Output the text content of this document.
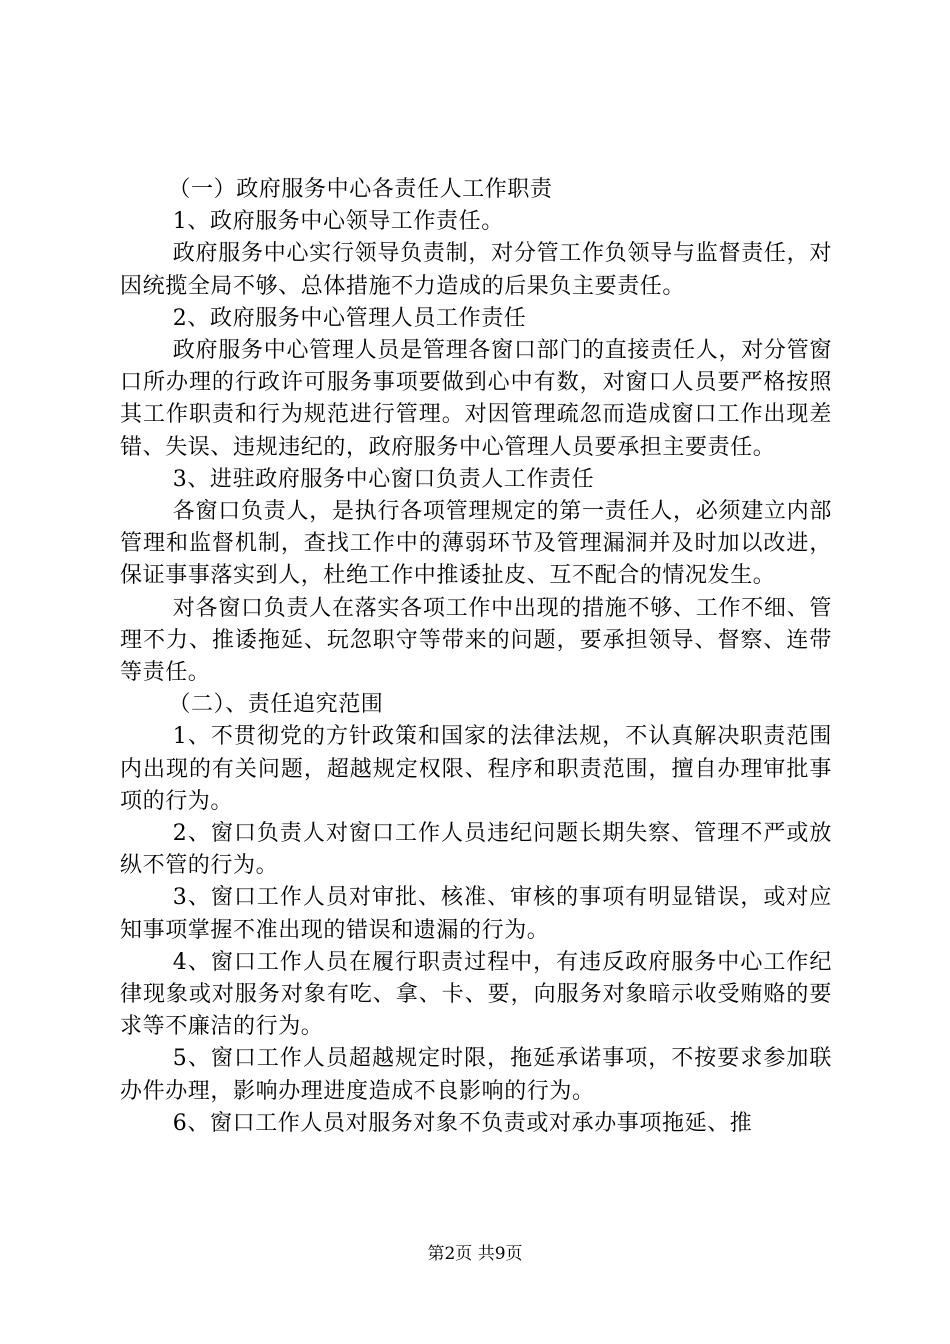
（一）政府服务中心各责任人工作职责

1、政府服务中心领导工作责任。

政府服务中心实行领导负责制，对分管工作负领导与监督责任，对因统揽全局不够、总体措施不力造成的后果负主要责任。

2、政府服务中心管理人员工作责任

政府服务中心管理人员是管理各窗口部门的直接责任人，对分管窗口所办理的行政许可服务事项要做到心中有数，对窗口人员要严格按照其工作职责和行为规范进行管理。对因管理疏忽而造成窗口工作出现差错、失误、违规违纪的，政府服务中心管理人员要承担主要责任。

3、进驻政府服务中心窗口负责人工作责任

各窗口负责人，是执行各项管理规定的第一责任人，必须建立内部管理和监督机制，查找工作中的薄弱环节及管理漏洞并及时加以改进，保证事事落实到人，杜绝工作中推诿扯皮、互不配合的情况发生。

对各窗口负责人在落实各项工作中出现的措施不够、工作不细、管理不力、推诿拖延、玩忽职守等带来的问题，要承担领导、督察、连带等责任。

（二）、责任追究范围

1、不贯彻党的方针政策和国家的法律法规，不认真解决职责范围内出现的有关问题，超越规定权限、程序和职责范围，擅自办理审批事项的行为。

2、窗口负责人对窗口工作人员违纪问题长期失察、管理不严或放纵不管的行为。

3、窗口工作人员对审批、核准、审核的事项有明显错误，或对应知事项掌握不准出现的错误和遗漏的行为。

4、窗口工作人员在履行职责过程中，有违反政府服务中心工作纪律现象或对服务对象有吃、拿、卡、要，向服务对象暗示收受贿赂的要求等不廉洁的行为。

5、窗口工作人员超越规定时限，拖延承诺事项，不按要求参加联办件办理，影响办理进度造成不良影响的行为。

6、窗口工作人员对服务对象不负责或对承办事项拖延、推

第2页 共9页
